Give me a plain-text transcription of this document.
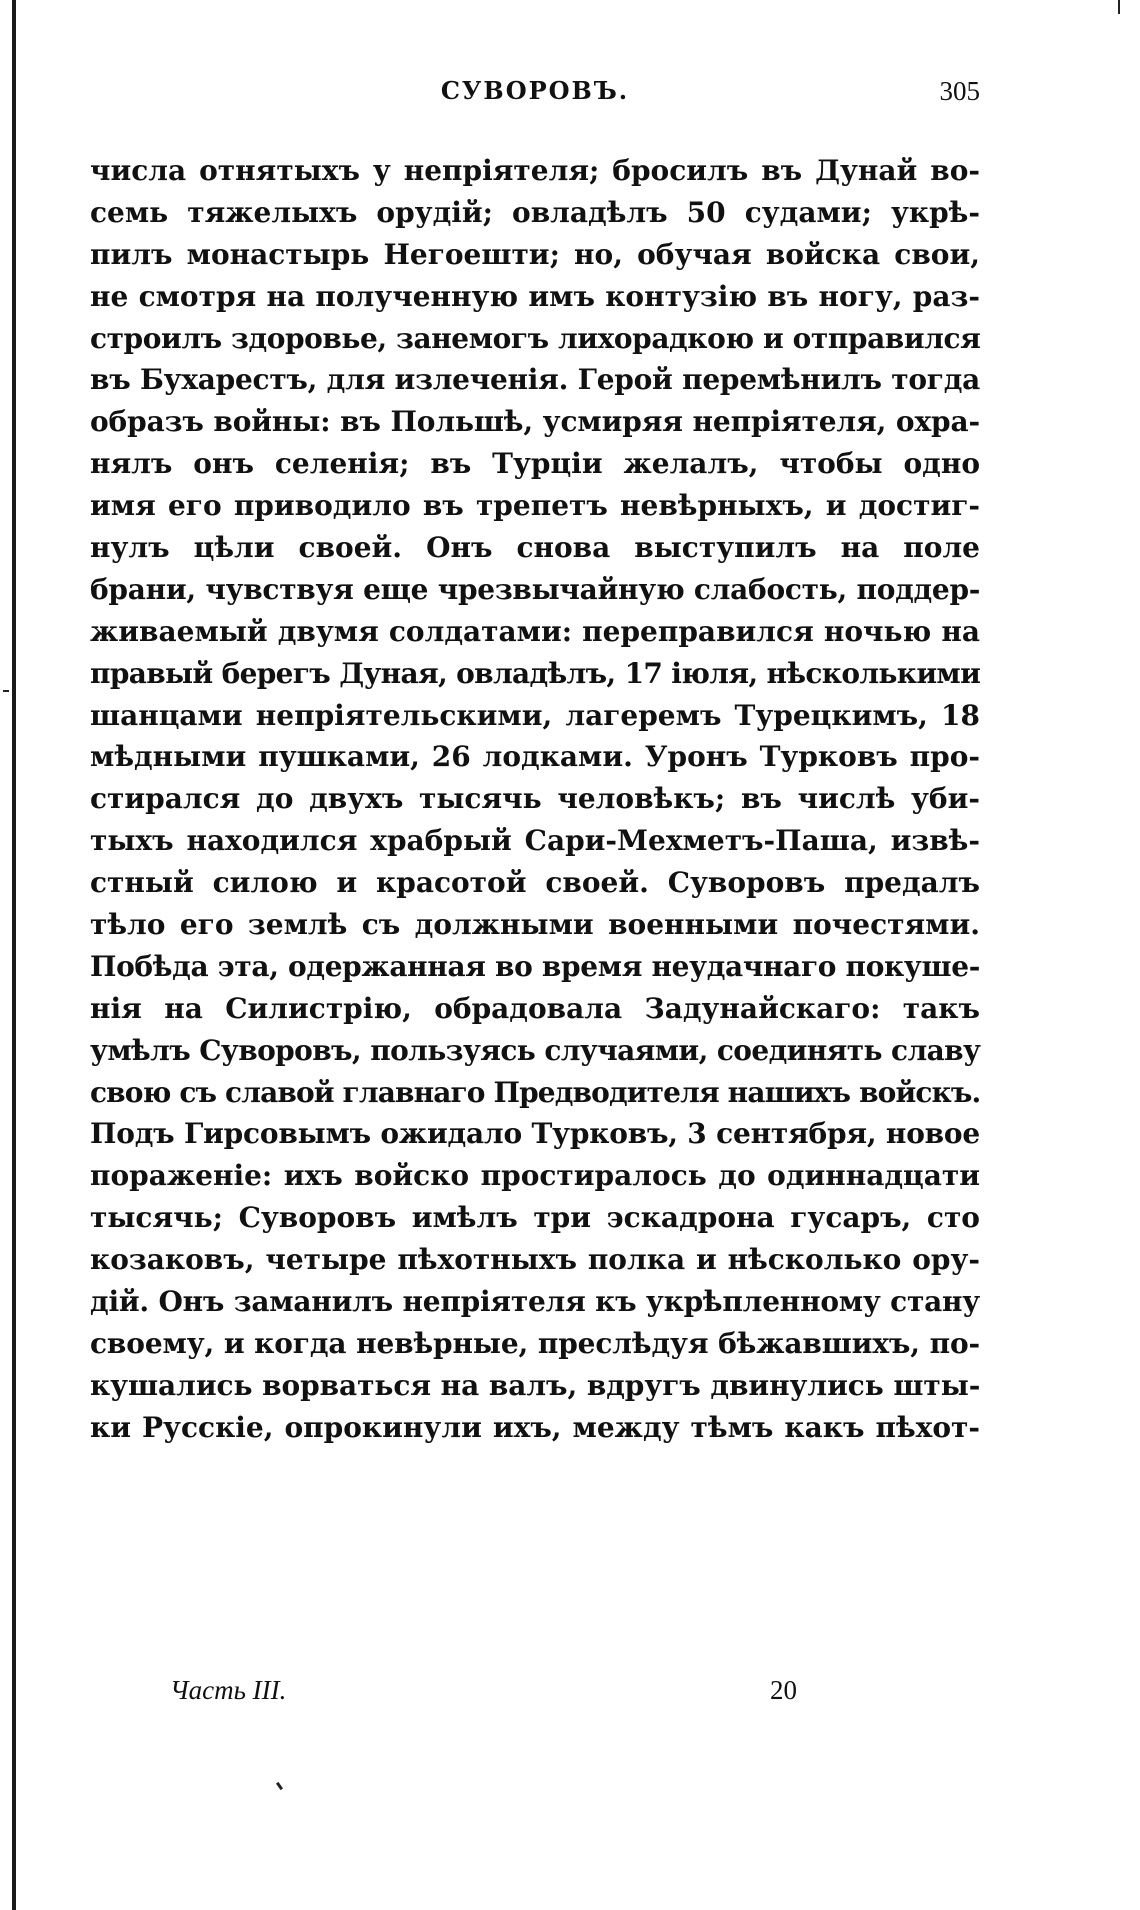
СУВОРОВЪ.	305
числа отнятыхъ у непріятеля; бросилъ въ Дунай во-
семь тяжелыхъ орудій; овладѣлъ 50 судами; укрѣ-
пилъ монастырь Негоешти; но, обучая войска свои,
не смотря на полученную имъ контузію въ ногу, раз-
строилъ здоровье, занемогъ лихорадкою и отправился
въ Бухарестъ, для излеченія. Герой перемѣнилъ тогда
образъ войны: въ Польшѣ, усмиряя непріятеля, охра-
нялъ онъ селенія; въ Турціи желалъ, чтобы одно
имя его приводило въ трепетъ невѣрныхъ, и достиг-
нулъ цѣли своей. Онъ снова выступилъ на поле
брани, чувствуя еще чрезвычайную слабость, поддер-
живаемый двумя солдатами: переправился ночью на
правый берегъ Дуная, овладѣлъ, 17 іюля, нѣсколькими
шанцами непріятельскими, лагеремъ Турецкимъ, 18
мѣдными пушками, 26 лодками. Уронъ Турковъ про-
стирался до двухъ тысячь человѣкъ; въ числѣ уби-
тыхъ находился храбрый Сари-Мехметъ-Паша, извѣ-
стный силою и красотой своей. Суворовъ предалъ
тѣло его землѣ съ должными военными почестями.
Побѣда эта, одержанная во время неудачнаго покуше-
нія на Силистрію, обрадовала Задунайскаго: такъ
умѣлъ Суворовъ, пользуясь случаями, соединять славу
свою съ славой главнаго Предводителя нашихъ войскъ.
Подъ Гирсовымъ ожидало Турковъ, 3 сентября, новое
пораженіе: ихъ войско простиралось до одиннадцати
тысячь; Суворовъ имѣлъ три эскадрона гусаръ, сто
козаковъ, четыре пѣхотныхъ полка и нѣсколько ору-
дій. Онъ заманилъ непріятеля къ укрѣпленному стану
своему, и когда невѣрные, преслѣдуя бѣжавшихъ, по-
кушались ворваться на валъ, вдругъ двинулись шты-
ки Русскіе, опрокинули ихъ, между тѣмъ какъ пѣхот-
Часть III.	20
